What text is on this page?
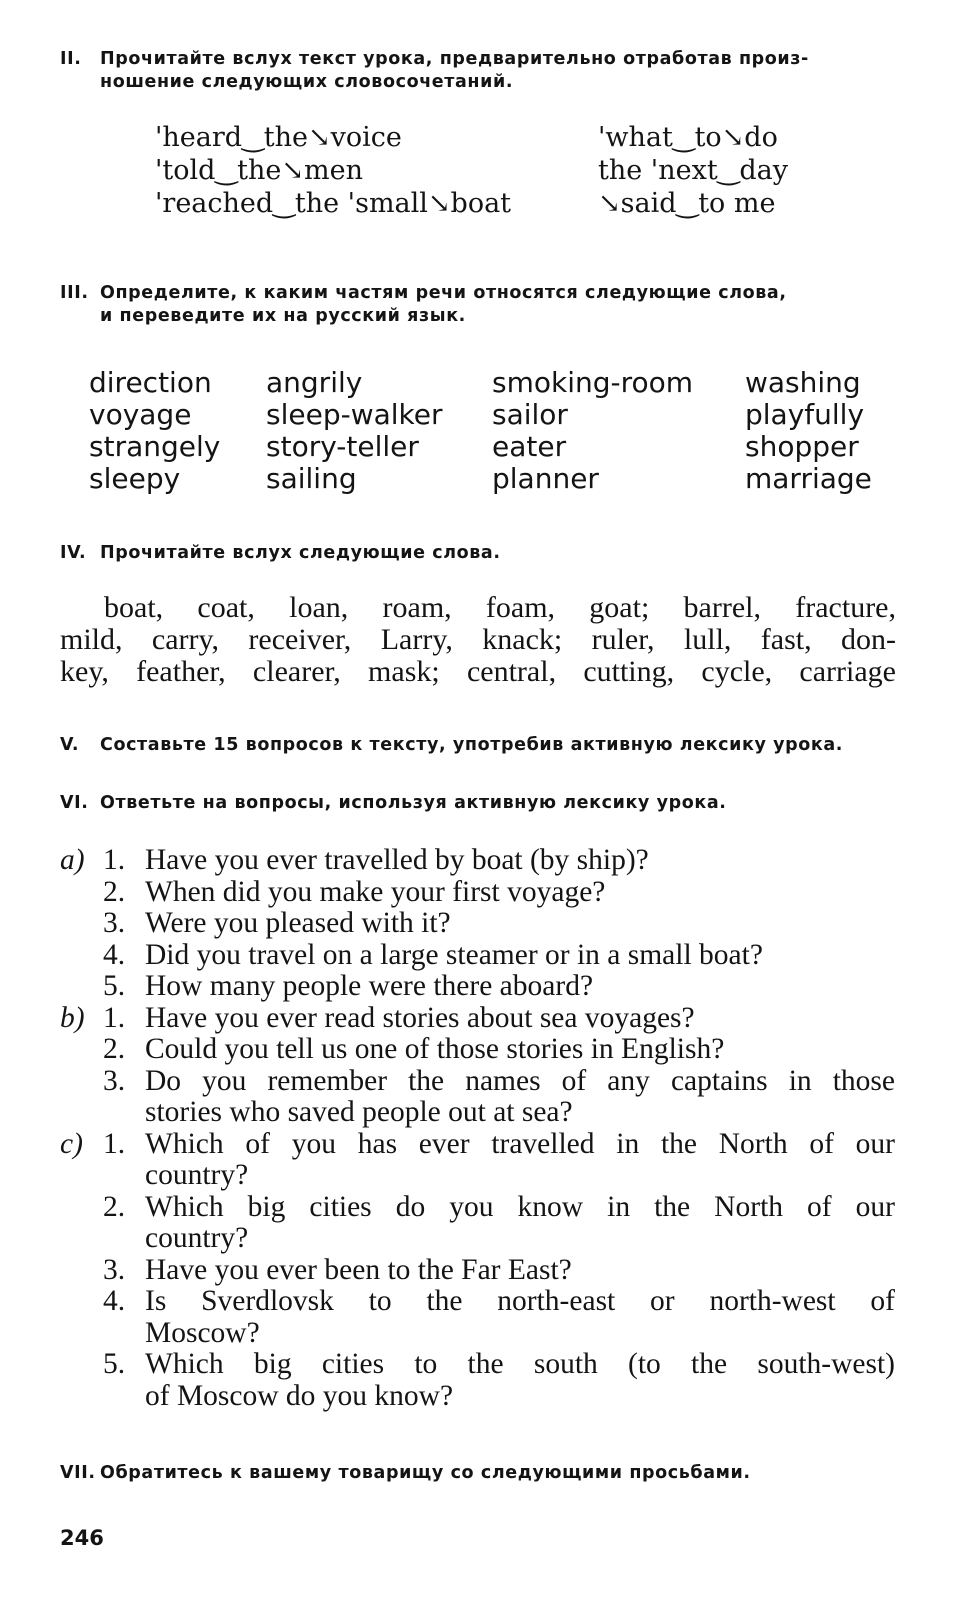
II. Прочитайте вслух текст урока, предварительно отработав произ-
ношение следующих словосочетаний.
'heard‿the↘voice
'told‿the↘men
'reached‿the 'small↘boat
'what‿to↘do
the 'next‿day
↘said‿to me
III. Определите, к каким частям речи относятся следующие слова,
и переведите их на русский язык.
direction
voyage
strangely
sleepy
angrily
sleep-walker
story-teller
sailing
smoking-room
sailor
eater
planner
washing
playfully
shopper
marriage
IV. Прочитайте вслух следующие слова.
boat, coat, loan, roam, foam, goat; barrel, fracture,
mild, carry, receiver, Larry, knack; ruler, lull, fast, don-
key, feather, clearer, mask; central, cutting, cycle, carriage
V. Составьте 15 вопросов к тексту, употребив активную лексику урока.
VI. Ответьте на вопросы, используя активную лексику урока.
a) 1. Have you ever travelled by boat (by ship)?
2. When did you make your first voyage?
3. Were you pleased with it?
4. Did you travel on a large steamer or in a small boat?
5. How many people were there aboard?
b) 1. Have you ever read stories about sea voyages?
2. Could you tell us one of those stories in English?
3. Do you remember the names of any captains in those
stories who saved people out at sea?
c) 1. Which of you has ever travelled in the North of our
country?
2. Which big cities do you know in the North of our
country?
3. Have you ever been to the Far East?
4. Is Sverdlovsk to the north-east or north-west of
Moscow?
5. Which big cities to the south (to the south-west)
of Moscow do you know?
VII. Обратитесь к вашему товарищу со следующими просьбами.
246
